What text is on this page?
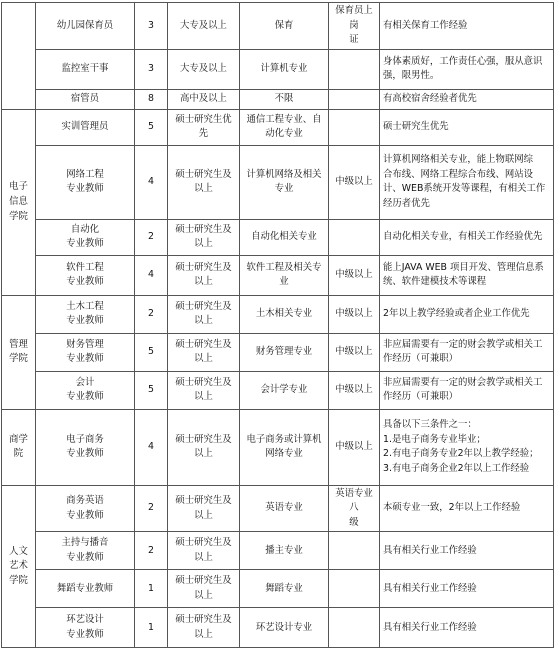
	幼儿园保育员	3	大专及以上	保育	保育员上岗
证	有相关保育工作经验

	监控室干事	3	大专及以上	计算机专业		身体素质好，工作责任心强，服从意识
强，限男性。

	宿管员	8	高中及以上	不限		有高校宿舍经验者优先

电子信息学院	实训管理员	5	硕士研究生优
先	通信工程专业、自
动化专业		硕士研究生优先

	网络工程
专业教师	4	硕士研究生及
以上	计算机网络及相关
专业	中级以上	计算机网络相关专业，能上物联网综
合布线、网络工程综合布线、网站设
计、WEB系统开发等课程，有相关工作
经历者优先

	自动化
专业教师	2	硕士研究生及
以上	自动化相关专业		自动化相关专业，有相关工作经验优先

	软件工程
专业教师	4	硕士研究生及
以上	软件工程及相关专
业	中级以上	能上JAVA WEB 项目开发、管理信息系
统、软件建模技术等课程

管理学院	土木工程
专业教师	2	硕士研究生及
以上	土木相关专业	中级以上	2年以上教学经验或者企业工作优先

	财务管理
专业教师	5	硕士研究生及
以上	财务管理专业	中级以上	非应届需要有一定的财会教学或相关工
作经历（可兼职）

	会计
专业教师	5	硕士研究生及
以上	会计学专业	中级以上	非应届需要有一定的财会教学或相关工
作经历（可兼职）

商学院	电子商务
专业教师	4	硕士研究生及
以上	电子商务或计算机
网络专业	中级以上	具备以下三条件之一：
1.是电子商务专业毕业；
2.有电子商务专业2年以上教学经验；
3.有电子商务企业2年以上工作经验

人文艺术学院	商务英语
专业教师	2	硕士研究生及
以上	英语专业	英语专业八
级	本硕专业一致，2年以上工作经验

	主持与播音
专业教师	2	硕士研究生及
以上	播主专业		具有相关行业工作经验

	舞蹈专业教师	1	硕士研究生及
以上	舞蹈专业		具有相关行业工作经验

	环艺设计
专业教师	1	硕士研究生及
以上	环艺设计专业		具有相关行业工作经验
